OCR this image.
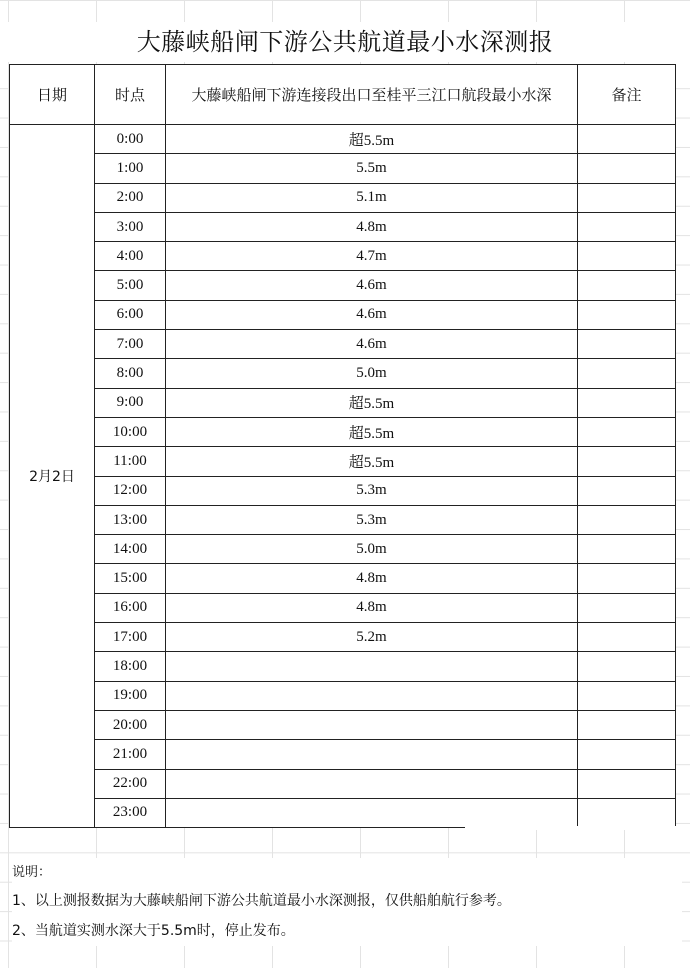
大藤峡船闸下游公共航道最小水深测报
日期	时点	大藤峡船闸下游连接段出口至桂平三江口航段最小水深	备注
2月2日	0:00	超5.5m	
	1:00	5.5m	
	2:00	5.1m	
	3:00	4.8m	
	4:00	4.7m	
	5:00	4.6m	
	6:00	4.6m	
	7:00	4.6m	
	8:00	5.0m	
	9:00	超5.5m	
	10:00	超5.5m	
	11:00	超5.5m	
	12:00	5.3m	
	13:00	5.3m	
	14:00	5.0m	
	15:00	4.8m	
	16:00	4.8m	
	17:00	5.2m	
	18:00		
	19:00		
	20:00		
	21:00		
	22:00		
	23:00		
说明：
1、以上测报数据为大藤峡船闸下游公共航道最小水深测报，仅供船舶航行参考。
2、当航道实测水深大于5.5m时，停止发布。
